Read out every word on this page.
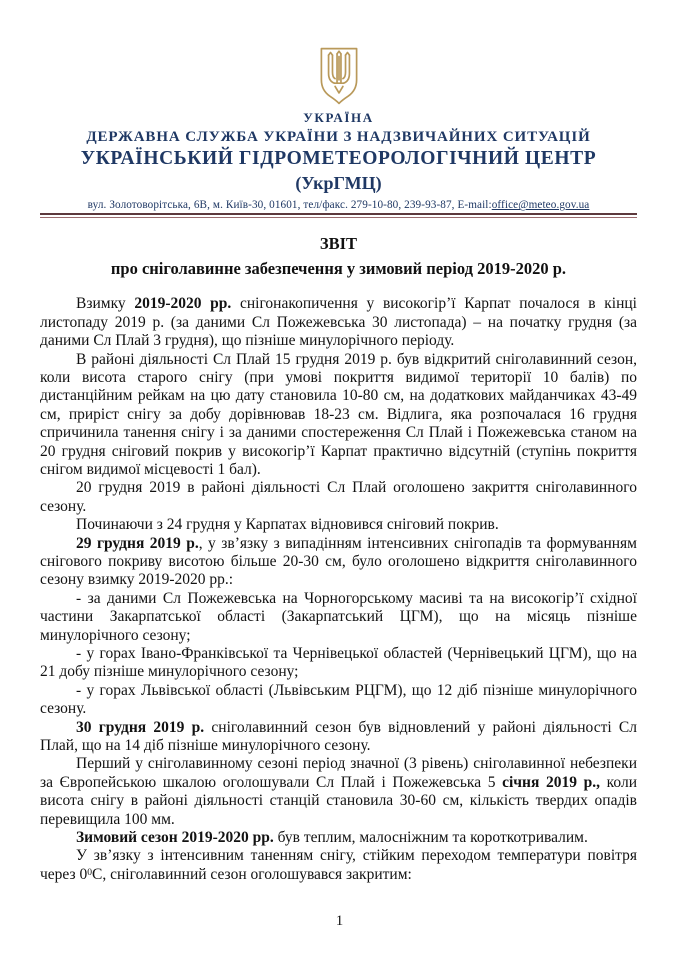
УКРАЇНА
ДЕРЖАВНА СЛУЖБА УКРАЇНИ З НАДЗВИЧАЙНИХ СИТУАЦІЙ
УКРАЇНСЬКИЙ ГІДРОМЕТЕОРОЛОГІЧНИЙ ЦЕНТР
(УкрГМЦ)
вул. Золотоворітська, 6В, м. Київ-30, 01601, тел/факс. 279-10-80, 239-93-87, E-mail:office@meteo.gov.ua
ЗВІТ
про сніголавинне забезпечення у зимовий період 2019-2020 р.

Взимку 2019-2020 рр. снігонакопичення у високогір’ї Карпат почалося в кінці листопаду 2019 р. (за даними Сл Пожежевська 30 листопада) – на початку грудня (за даними Сл Плай 3 грудня), що пізніше минулорічного періоду.

В районі діяльності Сл Плай 15 грудня 2019 р. був відкритий сніголавинний сезон, коли висота старого снігу (при умові покриття видимої території 10 балів) по дистанційним рейкам на цю дату становила 10-80 см, на додаткових майданчиках 43-49 см, приріст снігу за добу дорівнював 18-23 см. Відлига, яка розпочалася 16 грудня спричинила танення снігу і за даними спостереження Сл Плай і Пожежевська станом на 20 грудня сніговий покрив у високогір’ї Карпат практично відсутній (ступінь покриття снігом видимої місцевості 1 бал).

20 грудня 2019 в районі діяльності Сл Плай оголошено закриття сніголавинного сезону.

Починаючи з 24 грудня у Карпатах відновився сніговий покрив.

29 грудня 2019 р., у зв’язку з випадінням інтенсивних снігопадів та формуванням снігового покриву висотою більше 20-30 см, було оголошено відкриття сніголавинного сезону взимку 2019-2020 рр.:

- за даними Сл Пожежевська на Чорногорському масиві та на високогір’ї східної частини Закарпатської області (Закарпатський ЦГМ), що на місяць пізніше минулорічного сезону;

- у горах Івано-Франківської та Чернівецької областей (Чернівецький ЦГМ), що на 21 добу пізніше минулорічного сезону;

- у горах Львівської області (Львівським РЦГМ), що 12 діб пізніше минулорічного сезону.

30 грудня 2019 р. сніголавинний сезон був відновлений у районі діяльності Сл Плай, що на 14 діб пізніше минулорічного сезону.

Перший у сніголавинному сезоні період значної (3 рівень) сніголавинної небезпеки за Європейською шкалою оголошували Сл Плай і Пожежевська 5 січня 2019 р., коли висота снігу в районі діяльності станцій становила 30-60 см, кількість твердих опадів перевищила 100 мм.

Зимовий сезон 2019-2020 рр. був теплим, малосніжним та короткотривалим.

У зв’язку з інтенсивним таненням снігу, стійким переходом температури повітря через $0^0С$, сніголавинний сезон оголошувався закритим:

1
